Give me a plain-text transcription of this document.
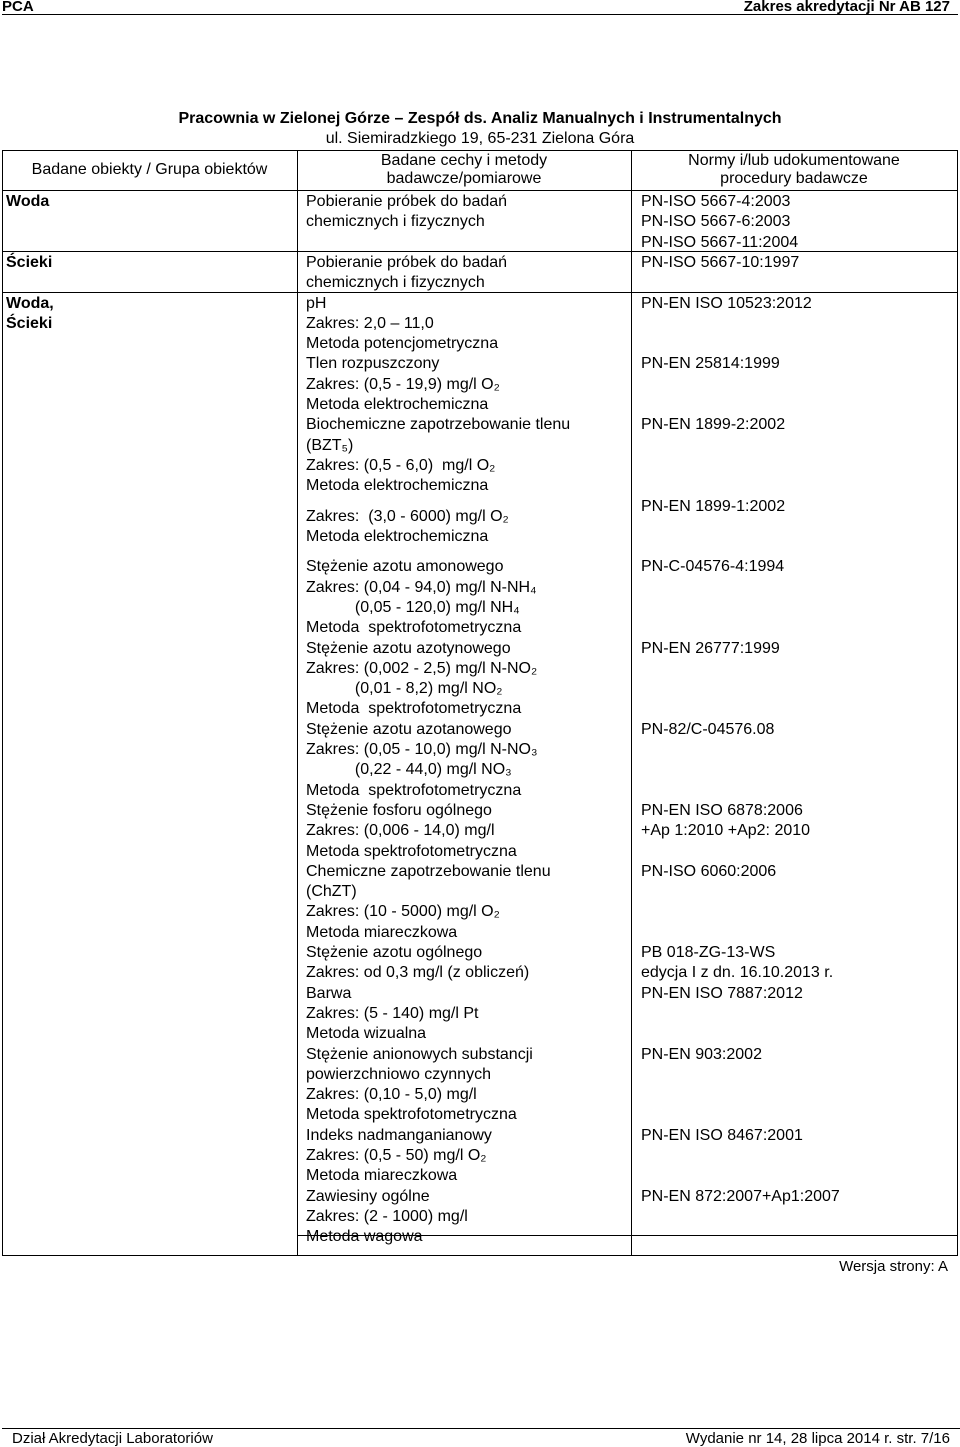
PCA	Zakres akredytacji Nr AB 127
Pracownia w Zielonej Górze – Zespół ds. Analiz Manualnych i Instrumentalnych
ul. Siemiradzkiego 19, 65-231 Zielona Góra
Badane obiekty / Grupa obiektów
Badane cechy i metody
badawcze/pomiarowe
Normy i/lub udokumentowane
procedury badawcze
Woda
Ścieki
Woda,
Ścieki
Pobieranie próbek do badań
chemicznych i fizycznych
Pobieranie próbek do badań
chemicznych i fizycznych
pH
Zakres: 2,0 – 11,0
Metoda potencjometryczna
Tlen rozpuszczony
Zakres: (0,5 - 19,9) mg/l O₂
Metoda elektrochemiczna
Biochemiczne zapotrzebowanie tlenu
(BZT₅)
Zakres: (0,5 - 6,0)  mg/l O₂
Metoda elektrochemiczna
Zakres:  (3,0 - 6000) mg/l O₂
Metoda elektrochemiczna
Stężenie azotu amonowego
Zakres: (0,04 - 94,0) mg/l N-NH₄
(0,05 - 120,0) mg/l NH₄
Metoda  spektrofotometryczna
Stężenie azotu azotynowego
Zakres: (0,002 - 2,5) mg/l N-NO₂
(0,01 - 8,2) mg/l NO₂
Metoda  spektrofotometryczna
Stężenie azotu azotanowego
Zakres: (0,05 - 10,0) mg/l N-NO₃
(0,22 - 44,0) mg/l NO₃
Metoda  spektrofotometryczna
Stężenie fosforu ogólnego
Zakres: (0,006 - 14,0) mg/l
Metoda spektrofotometryczna
Chemiczne zapotrzebowanie tlenu
(ChZT)
Zakres: (10 - 5000) mg/l O₂
Metoda miareczkowa
Stężenie azotu ogólnego
Zakres: od 0,3 mg/l (z obliczeń)
Barwa
Zakres: (5 - 140) mg/l Pt
Metoda wizualna
Stężenie anionowych substancji
powierzchniowo czynnych
Zakres: (0,10 - 5,0) mg/l
Metoda spektrofotometryczna
Indeks nadmanganianowy
Zakres: (0,5 - 50) mg/l O₂
Metoda miareczkowa
Zawiesiny ogólne
Zakres: (2 - 1000) mg/l
Metoda wagowa
PN-ISO 5667-4:2003
PN-ISO 5667-6:2003
PN-ISO 5667-11:2004
PN-ISO 5667-10:1997
PN-EN ISO 10523:2012
PN-EN 25814:1999
PN-EN 1899-2:2002
PN-EN 1899-1:2002
PN-C-04576-4:1994
PN-EN 26777:1999
PN-82/C-04576.08
PN-EN ISO 6878:2006
+Ap 1:2010 +Ap2: 2010
PN-ISO 6060:2006
PB 018-ZG-13-WS
edycja I z dn. 16.10.2013 r.
PN-EN ISO 7887:2012
PN-EN 903:2002
PN-EN ISO 8467:2001
PN-EN 872:2007+Ap1:2007
Wersja strony: A
Dział Akredytacji Laboratoriów	Wydanie nr 14, 28 lipca 2014 r. str. 7/16
